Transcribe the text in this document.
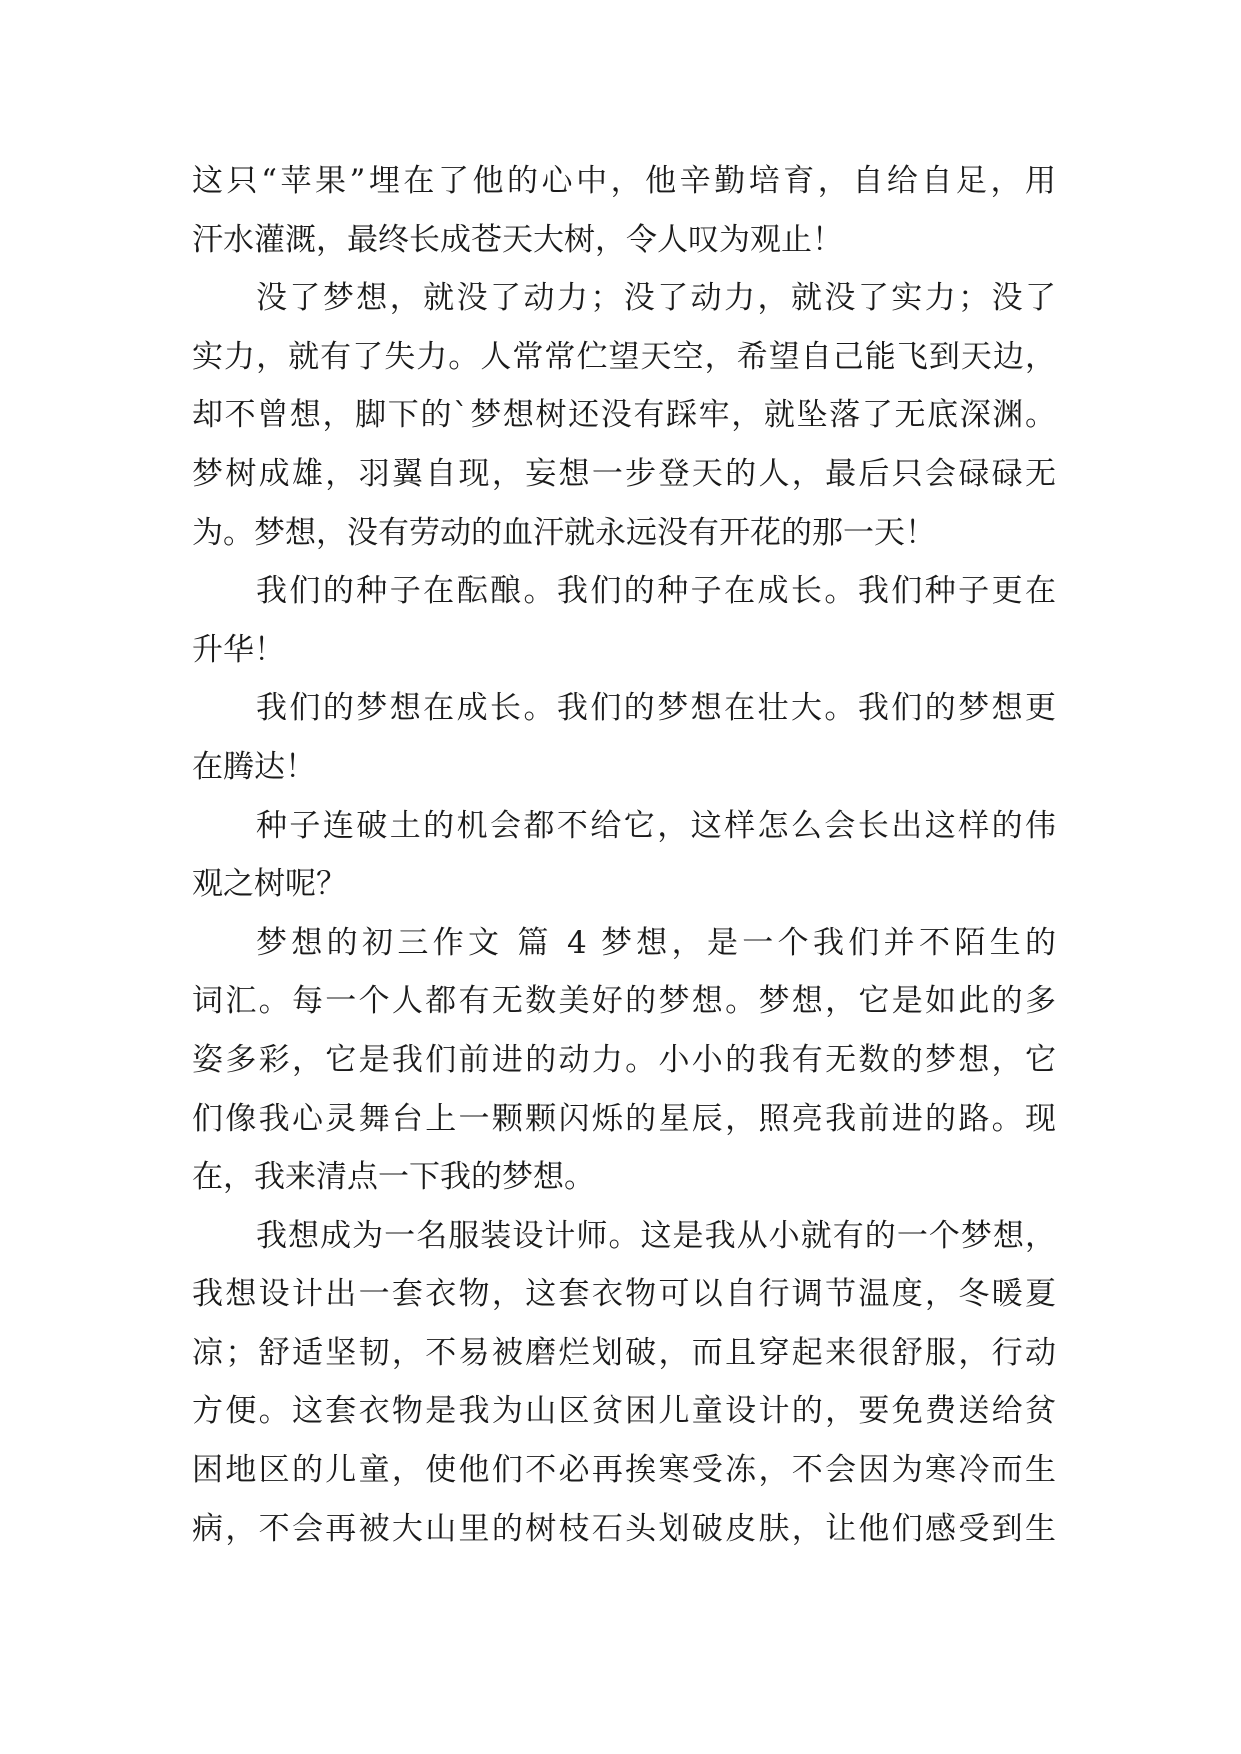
这只“苹果”埋在了他的心中，他辛勤培育，自给自足，用
汗水灌溉，最终长成苍天大树，令人叹为观止！
没了梦想，就没了动力；没了动力，就没了实力；没了
实力，就有了失力。人常常伫望天空，希望自己能飞到天边，
却不曾想，脚下的`梦想树还没有踩牢，就坠落了无底深渊。
梦树成雄，羽翼自现，妄想一步登天的人，最后只会碌碌无
为。梦想，没有劳动的血汗就永远没有开花的那一天！
我们的种子在酝酿。我们的种子在成长。我们种子更在
升华！
我们的梦想在成长。我们的梦想在壮大。我们的梦想更
在腾达！
种子连破土的机会都不给它，这样怎么会长出这样的伟
观之树呢？
梦想的初三作文 篇 4 梦想，是一个我们并不陌生的
词汇。每一个人都有无数美好的梦想。梦想，它是如此的多
姿多彩，它是我们前进的动力。小小的我有无数的梦想，它
们像我心灵舞台上一颗颗闪烁的星辰，照亮我前进的路。现
在，我来清点一下我的梦想。
我想成为一名服装设计师。这是我从小就有的一个梦想，
我想设计出一套衣物，这套衣物可以自行调节温度，冬暖夏
凉；舒适坚韧，不易被磨烂划破，而且穿起来很舒服，行动
方便。这套衣物是我为山区贫困儿童设计的，要免费送给贫
困地区的儿童，使他们不必再挨寒受冻，不会因为寒冷而生
病，不会再被大山里的树枝石头划破皮肤，让他们感受到生
